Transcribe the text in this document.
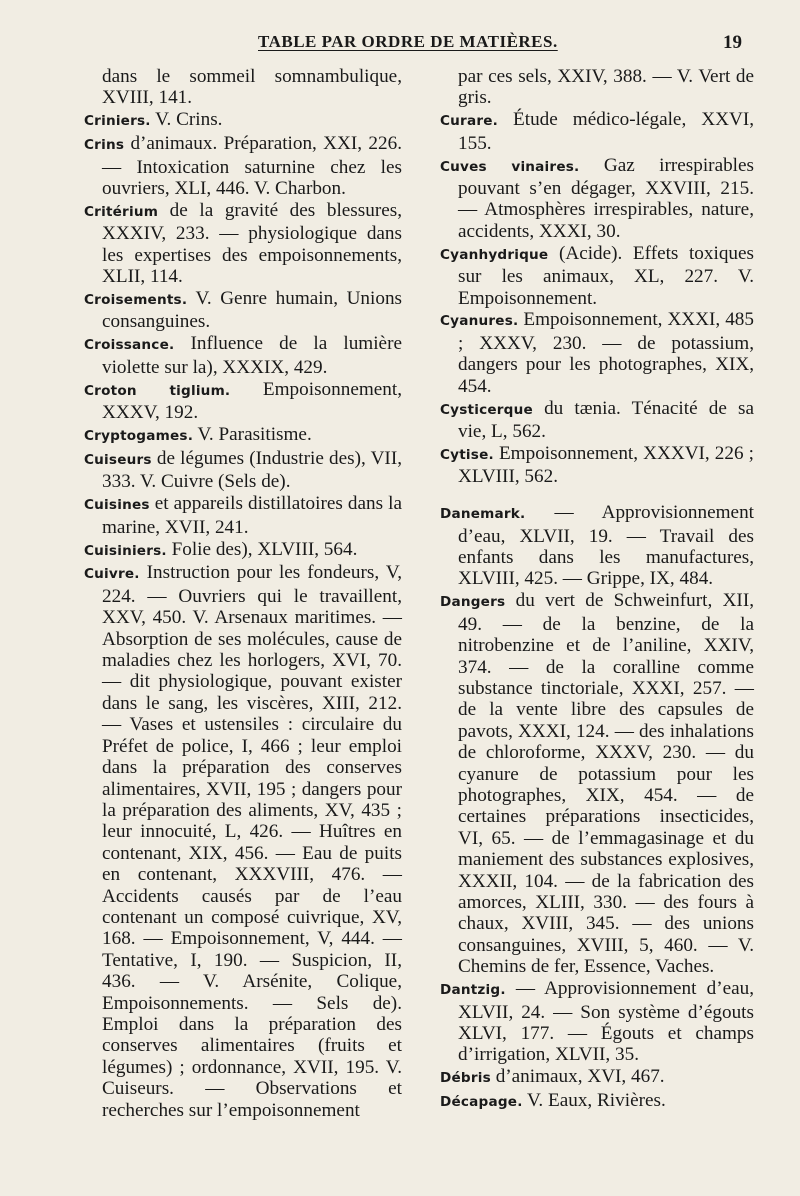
TABLE PAR ORDRE DE MATIÈRES.	19
dans le sommeil somnambulique, XVIII, 141.
Criniers. V. Crins.
Crins d’animaux. Préparation, XXI, 226. — Intoxication saturnine chez les ouvriers, XLI, 446. V. Charbon.
Critérium de la gravité des blessures, XXXIV, 233. — physiologique dans les expertises des empoisonnements, XLII, 114.
Croisements. V. Genre humain, Unions consanguines.
Croissance. Influence de la lumière violette sur la), XXXIX, 429.
Croton tiglium. Empoisonnement, XXXV, 192.
Cryptogames. V. Parasitisme.
Cuiseurs de légumes (Industrie des), VII, 333. V. Cuivre (Sels de).
Cuisines et appareils distillatoires dans la marine, XVII, 241.
Cuisiniers. Folie des), XLVIII, 564.
Cuivre. Instruction pour les fondeurs, V, 224. — Ouvriers qui le travaillent, XXV, 450. V. Arsenaux maritimes. — Absorption de ses molécules, cause de maladies chez les horlogers, XVI, 70. — dit physiologique, pouvant exister dans le sang, les viscères, XIII, 212. — Vases et ustensiles : circulaire du Préfet de police, I, 466 ; leur emploi dans la préparation des conserves alimentaires, XVII, 195 ; dangers pour la préparation des aliments, XV, 435 ; leur innocuité, L, 426. — Huîtres en contenant, XIX, 456. — Eau de puits en contenant, XXXVIII, 476. — Accidents causés par de l’eau contenant un composé cuivrique, XV, 168. — Empoisonnement, V, 444. — Tentative, I, 190. — Suspicion, II, 436. — V. Arsénite, Colique, Empoisonnements. — Sels de). Emploi dans la préparation des conserves alimentaires (fruits et légumes) ; ordonnance, XVII, 195. V. Cuiseurs. — Observations et recherches sur l’empoisonnement
par ces sels, XXIV, 388. — V. Vert de gris.
Curare. Étude médico-légale, XXVI, 155.
Cuves vinaires. Gaz irrespirables pouvant s’en dégager, XXVIII, 215. — Atmosphères irrespirables, nature, accidents, XXXI, 30.
Cyanhydrique (Acide). Effets toxiques sur les animaux, XL, 227. V. Empoisonnement.
Cyanures. Empoisonnement, XXXI, 485 ; XXXV, 230. — de potassium, dangers pour les photographes, XIX, 454.
Cysticerque du tænia. Ténacité de sa vie, L, 562.
Cytise. Empoisonnement, XXXVI, 226 ; XLVIII, 562.
Danemark. — Approvisionnement d’eau, XLVII, 19. — Travail des enfants dans les manufactures, XLVIII, 425. — Grippe, IX, 484.
Dangers du vert de Schweinfurt, XII, 49. — de la benzine, de la nitrobenzine et de l’aniline, XXIV, 374. — de la coralline comme substance tinctoriale, XXXI, 257. — de la vente libre des capsules de pavots, XXXI, 124. — des inhalations de chloroforme, XXXV, 230. — du cyanure de potassium pour les photographes, XIX, 454. — de certaines préparations insecticides, VI, 65. — de l’emmagasinage et du maniement des substances explosives, XXXII, 104. — de la fabrication des amorces, XLIII, 330. — des fours à chaux, XVIII, 345. — des unions consanguines, XVIII, 5, 460. — V. Chemins de fer, Essence, Vaches.
Dantzig. — Approvisionnement d’eau, XLVII, 24. — Son système d’égouts XLVI, 177. — Égouts et champs d’irrigation, XLVII, 35.
Débris d’animaux, XVI, 467.
Décapage. V. Eaux, Rivières.
